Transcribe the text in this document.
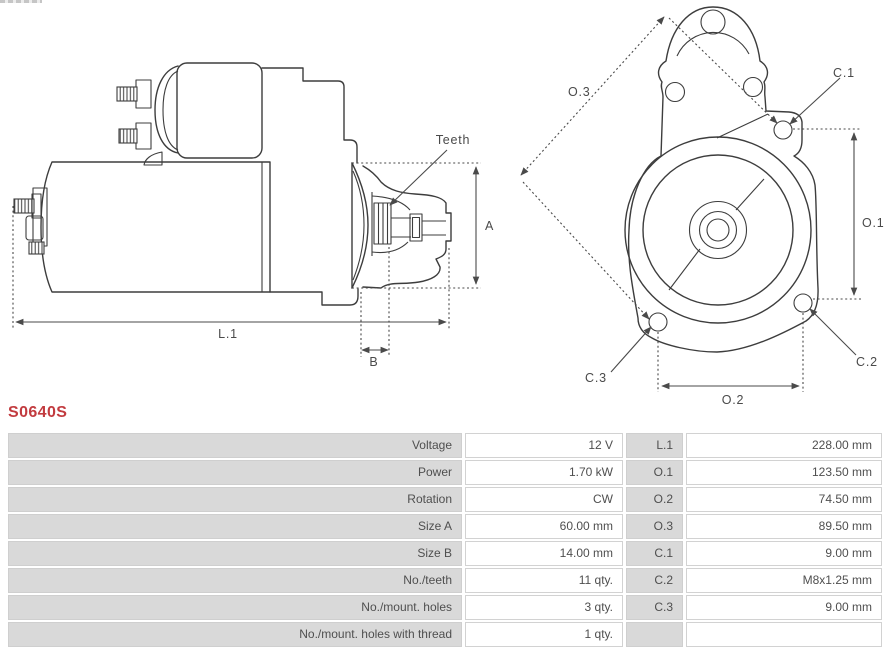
A
L.1
B
Teeth
O.3
C.1
O.1
C.2
C.3
O.2
S0640S
Voltage	12 V	L.1	228.00 mm
Power	1.70 kW	O.1	123.50 mm
Rotation	CW	O.2	74.50 mm
Size A	60.00 mm	O.3	89.50 mm
Size B	14.00 mm	C.1	9.00 mm
No./teeth	11 qty.	C.2	M8x1.25 mm
No./mount. holes	3 qty.	C.3	9.00 mm
No./mount. holes with thread	1 qty.
